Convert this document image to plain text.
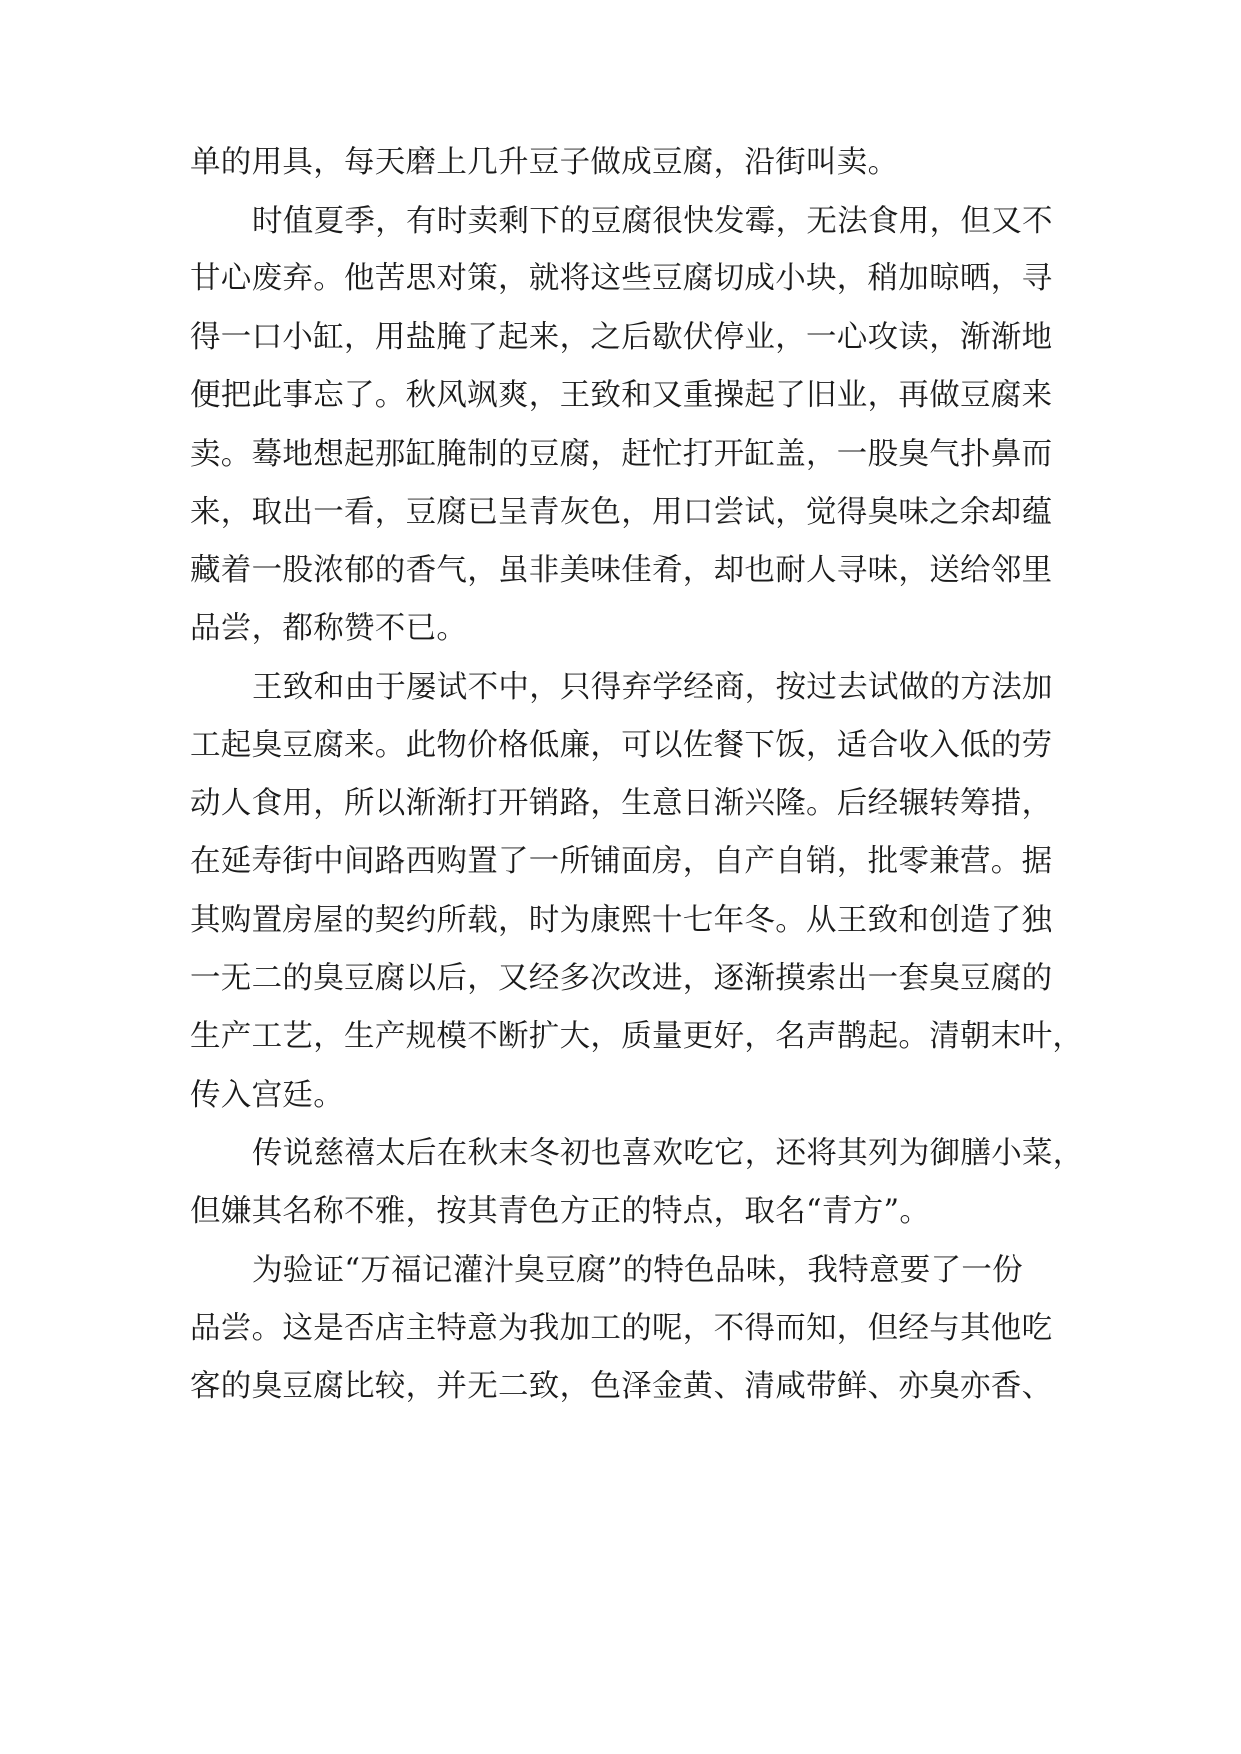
单的用具，每天磨上几升豆子做成豆腐，沿街叫卖。
时值夏季，有时卖剩下的豆腐很快发霉，无法食用，但又不
甘心废弃。他苦思对策，就将这些豆腐切成小块，稍加晾晒，寻
得一口小缸，用盐腌了起来，之后歇伏停业，一心攻读，渐渐地
便把此事忘了。秋风飒爽，王致和又重操起了旧业，再做豆腐来
卖。蓦地想起那缸腌制的豆腐，赶忙打开缸盖，一股臭气扑鼻而
来，取出一看，豆腐已呈青灰色，用口尝试，觉得臭味之余却蕴
藏着一股浓郁的香气，虽非美味佳肴，却也耐人寻味，送给邻里
品尝，都称赞不已。
王致和由于屡试不中，只得弃学经商，按过去试做的方法加
工起臭豆腐来。此物价格低廉，可以佐餐下饭，适合收入低的劳
动人食用，所以渐渐打开销路，生意日渐兴隆。后经辗转筹措，
在延寿街中间路西购置了一所铺面房，自产自销，批零兼营。据
其购置房屋的契约所载，时为康熙十七年冬。从王致和创造了独
一无二的臭豆腐以后，又经多次改进，逐渐摸索出一套臭豆腐的
生产工艺，生产规模不断扩大，质量更好，名声鹊起。清朝末叶，
传入宫廷。
传说慈禧太后在秋末冬初也喜欢吃它，还将其列为御膳小菜，
但嫌其名称不雅，按其青色方正的特点，取名“青方”。
为验证“万福记灌汁臭豆腐”的特色品味，我特意要了一份
品尝。这是否店主特意为我加工的呢，不得而知，但经与其他吃
客的臭豆腐比较，并无二致，色泽金黄、清咸带鲜、亦臭亦香、
